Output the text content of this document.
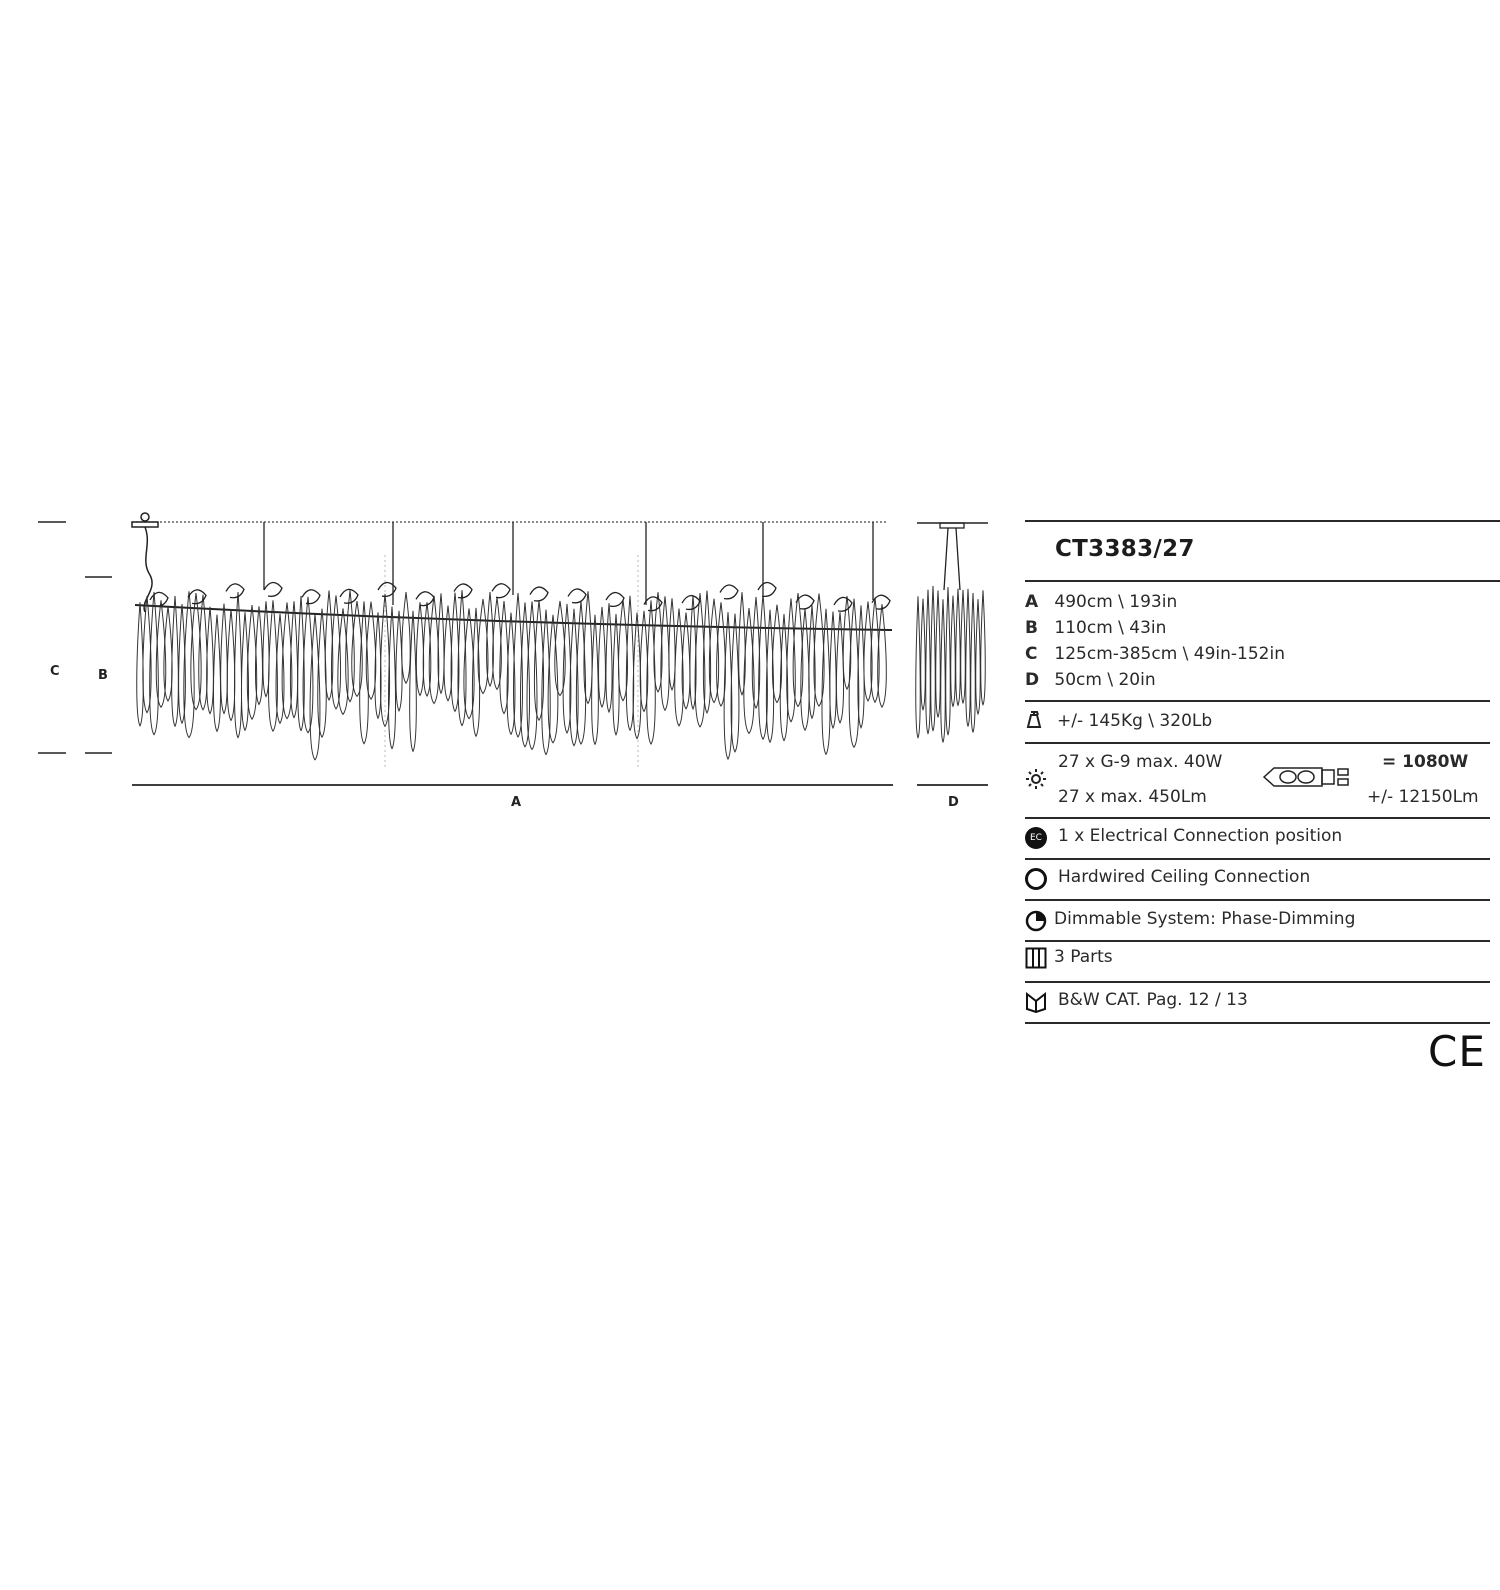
C	B
A	D
CT3383/27
A 490cm \ 193in
B 110cm \ 43in
C 125cm-385cm \ 49in-152in
D 50cm \ 20in
+/- 145Kg \ 320Lb
27 x G-9 max. 40W
27 x max. 450Lm
= 1080W
+/- 12150Lm
EC 1 x Electrical Connection position
Hardwired Ceiling Connection
Dimmable System: Phase-Dimming
3 Parts
B&W CAT. Pag. 12 / 13
CE
